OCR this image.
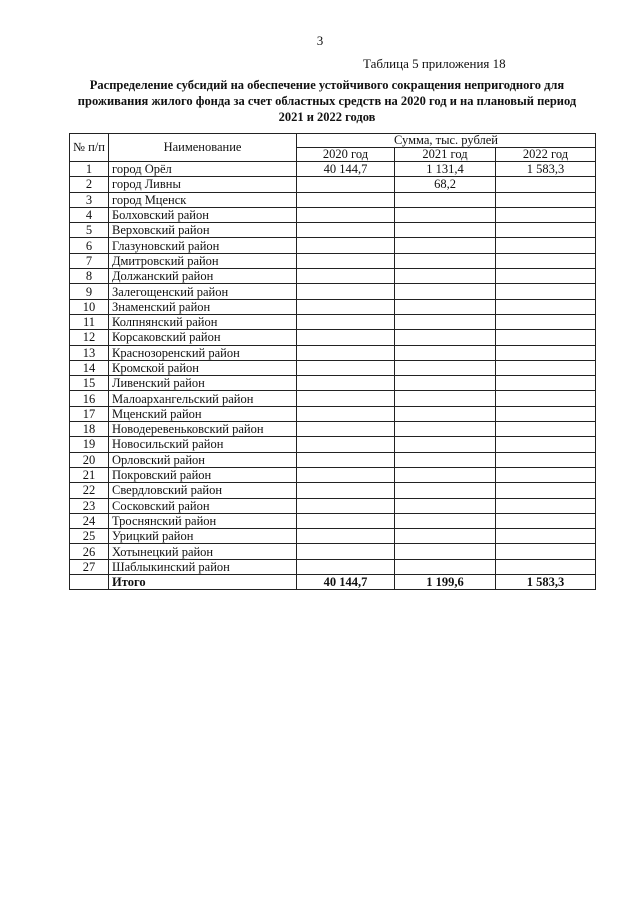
3
Таблица 5 приложения 18
Распределение субсидий на обеспечение устойчивого сокращения непригодного для
проживания жилого фонда за счет областных средств на 2020 год и на плановый период
2021 и 2022 годов
№ п/п	Наименование	Сумма, тыс. рублей		
		2020 год	2021 год	2022 год
1	город Орёл	40 144,7	1 131,4	1 583,3
2	город Ливны		68,2	
3	город Мценск			
4	Болховский район			
5	Верховский район			
6	Глазуновский район			
7	Дмитровский район			
8	Должанский район			
9	Залегощенский район			
10	Знаменский район			
11	Колпнянский район			
12	Корсаковский район			
13	Краснозоренский район			
14	Кромской район			
15	Ливенский район			
16	Малоархангельский район			
17	Мценский район			
18	Новодеревеньковский район			
19	Новосильский район			
20	Орловский район			
21	Покровский район			
22	Свердловский район			
23	Сосковский район			
24	Троснянский район			
25	Урицкий район			
26	Хотынецкий район			
27	Шаблыкинский район			
	Итого	40 144,7	1 199,6	1 583,3
